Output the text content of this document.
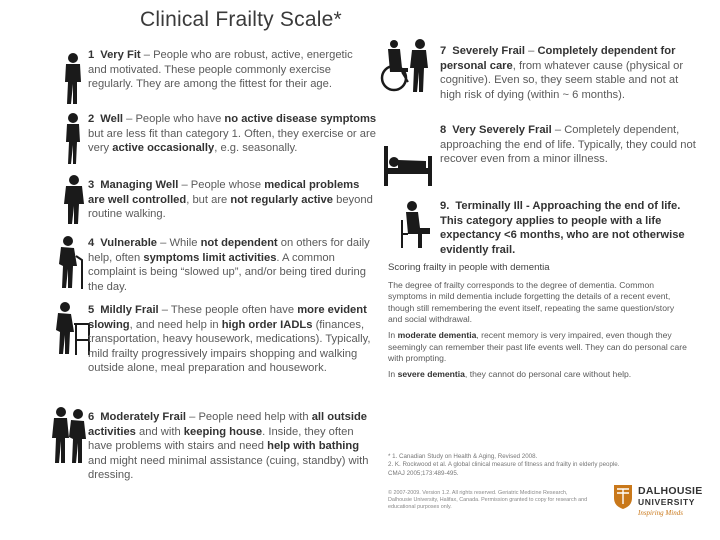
Clinical Frailty Scale*
1 Very Fit – People who are robust, active, energetic and motivated. These people commonly exercise regularly. They are among the fittest for their age.
2 Well – People who have no active disease symptoms but are less fit than category 1. Often, they exercise or are very active occasionally, e.g. seasonally.
3 Managing Well – People whose medical problems are well controlled, but are not regularly active beyond routine walking.
4 Vulnerable – While not dependent on others for daily help, often symptoms limit activities. A common complaint is being “slowed up”, and/or being tired during the day.
5 Mildly Frail – These people often have more evident slowing, and need help in high order IADLs (finances, transportation, heavy housework, medications). Typically, mild frailty progressively impairs shopping and walking outside alone, meal preparation and housework.
6 Moderately Frail – People need help with all outside activities and with keeping house. Inside, they often have problems with stairs and need help with bathing and might need minimal assistance (cuing, standby) with dressing.
7 Severely Frail – Completely dependent for personal care, from whatever cause (physical or cognitive). Even so, they seem stable and not at high risk of dying (within ~ 6 months).
8 Very Severely Frail – Completely dependent, approaching the end of life. Typically, they could not recover even from a minor illness.
9. Terminally Ill - Approaching the end of life. This category applies to people with a life expectancy <6 months, who are not otherwise evidently frail.
Scoring frailty in people with dementia

The degree of frailty corresponds to the degree of dementia. Common symptoms in mild dementia include forgetting the details of a recent event, though still remembering the event itself, repeating the same question/story and social withdrawal.

In moderate dementia, recent memory is very impaired, even though they seemingly can remember their past life events well. They can do personal care with prompting.

In severe dementia, they cannot do personal care without help.

* 1. Canadian Study on Health & Aging, Revised 2008.
2. K. Rockwood et al. A global clinical measure of fitness and frailty in elderly people. CMAJ 2005;173:489-495.
© 2007-2009. Version 1.2. All rights reserved. Geriatric Medicine Research, Dalhousie University, Halifax, Canada. Permission granted to copy for research and educational purposes only.
DALHOUSIE
UNIVERSITY
Inspiring Minds
